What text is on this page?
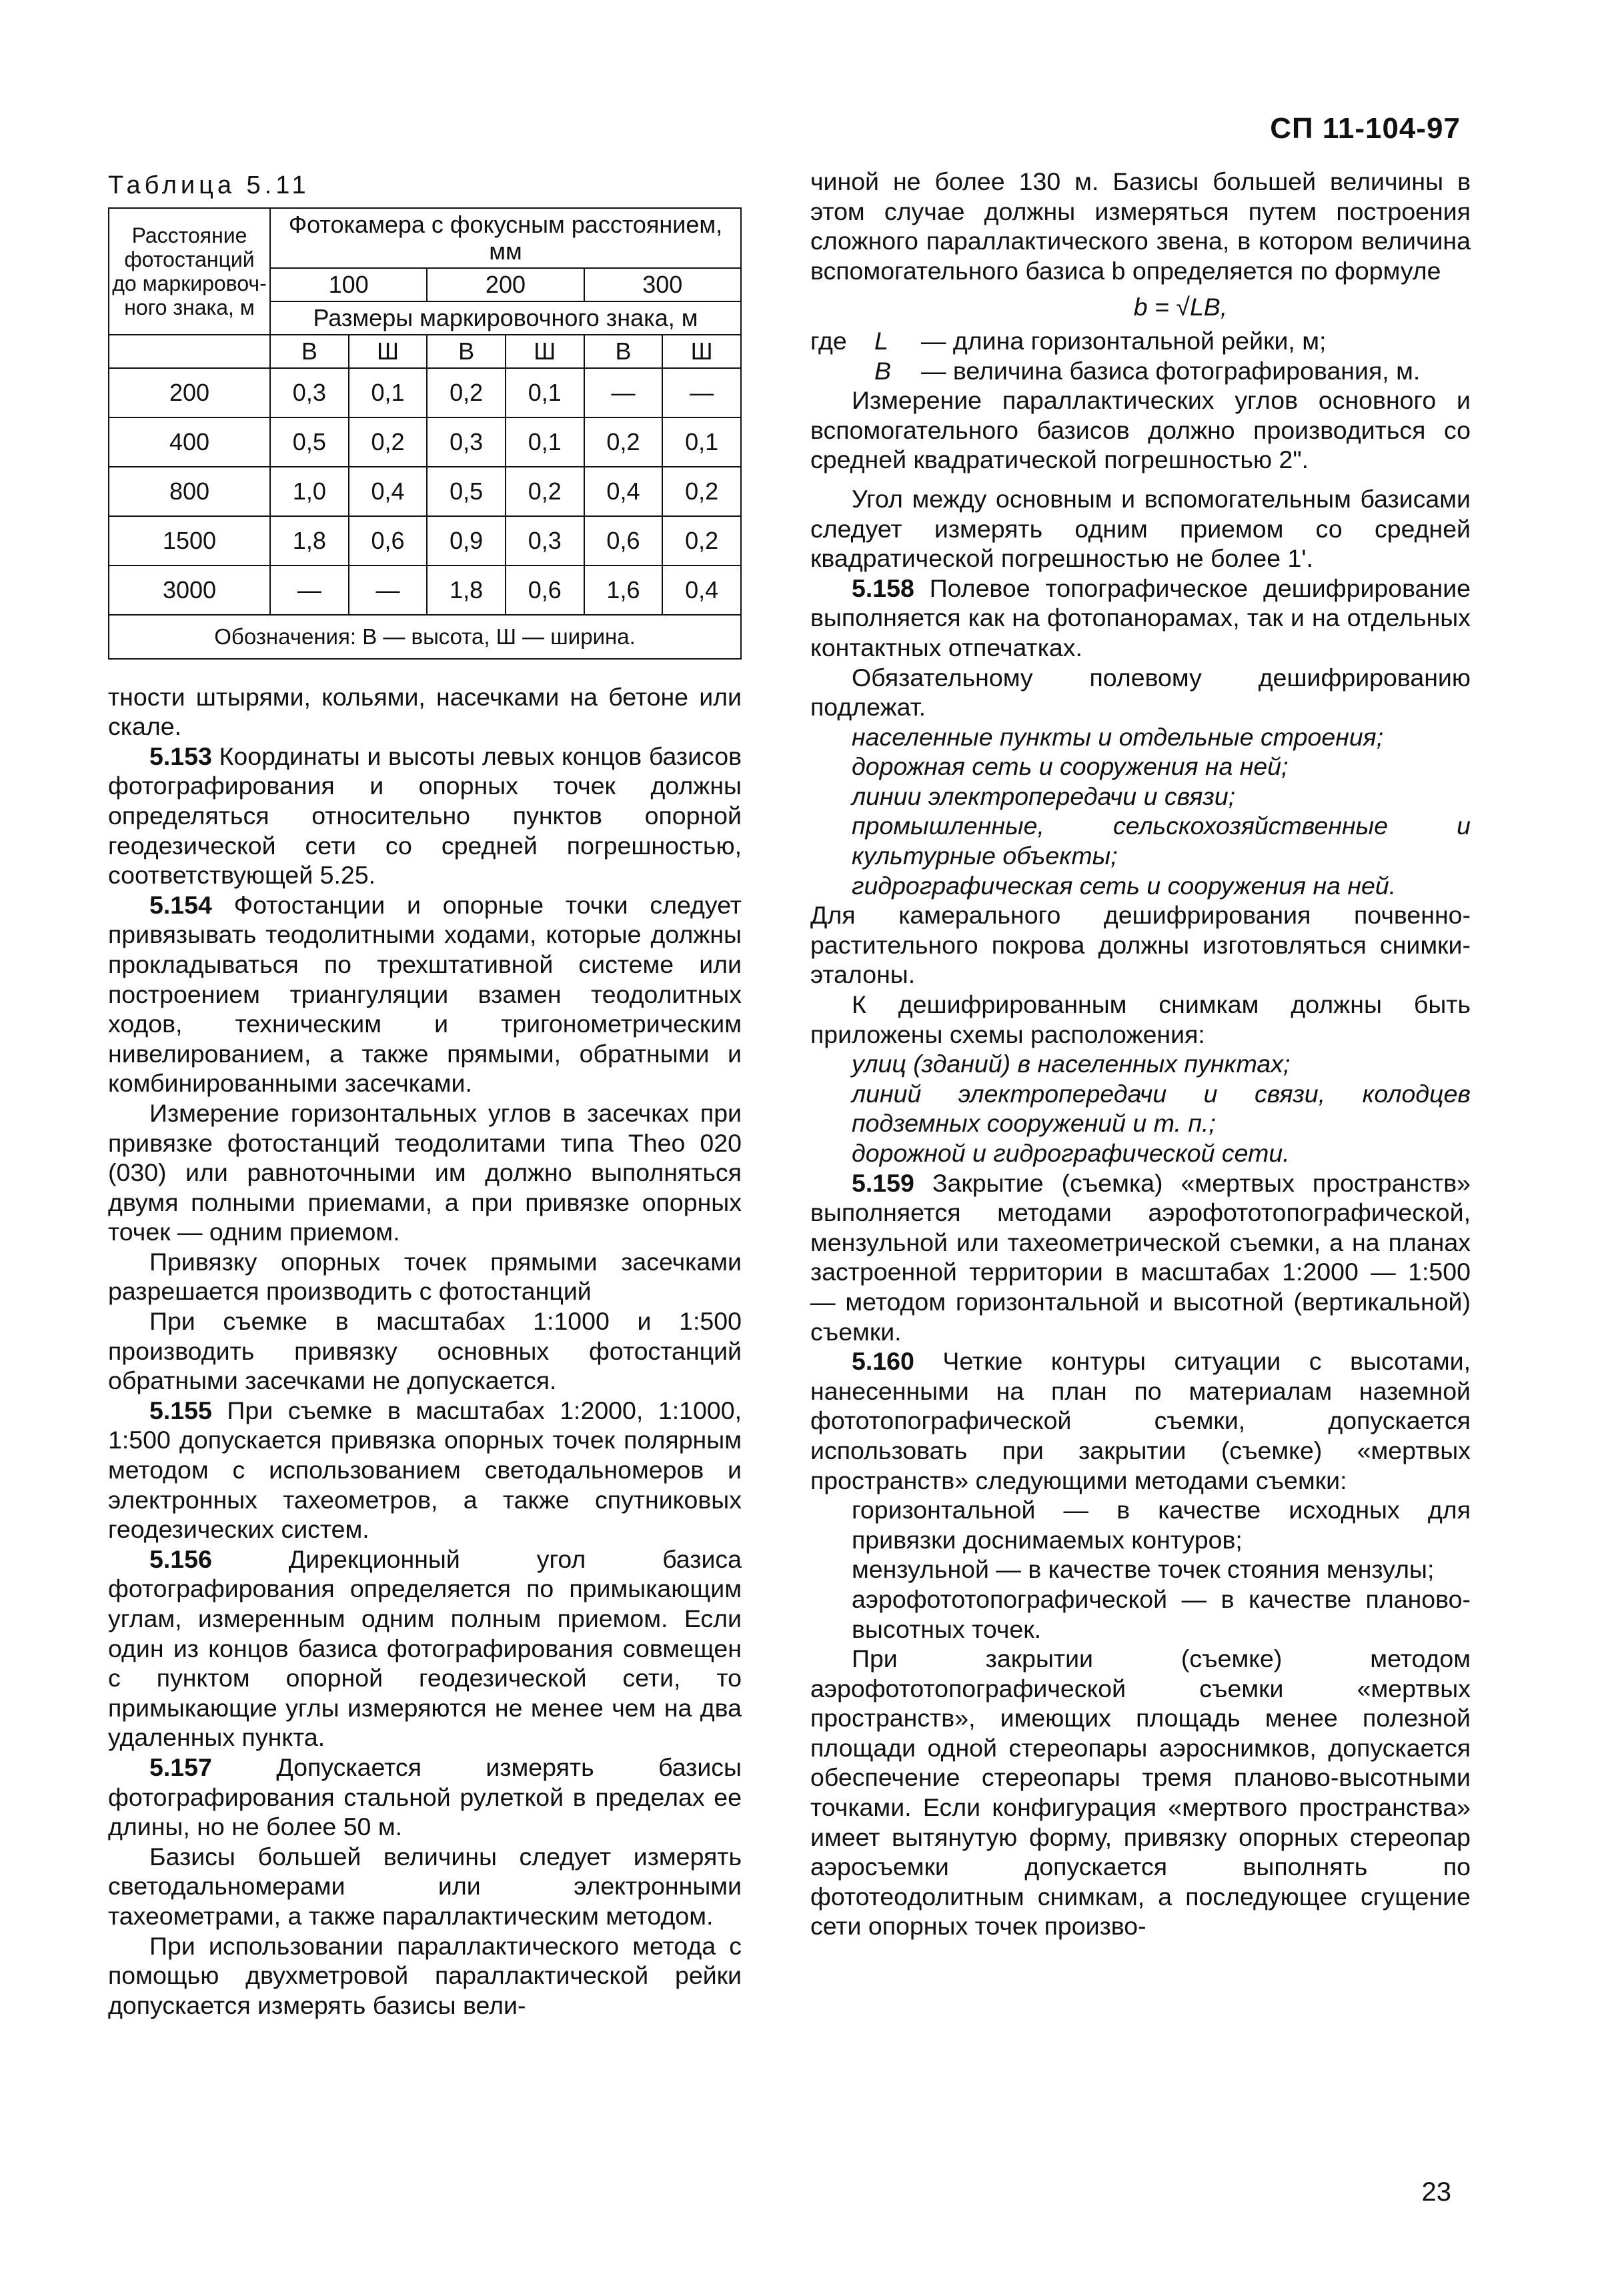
СП 11-104-97
Таблица 5.11
Расстояние фотостанций до маркировочного знака, м	Фотокамера с фокусным расстоянием, мм					
	100		200		300	
	Размеры маркировочного знака, м					
	В	Ш	В	Ш	В	Ш
200	0,3	0,1	0,2	0,1	—	—
400	0,5	0,2	0,3	0,1	0,2	0,1
800	1,0	0,4	0,5	0,2	0,4	0,2
1500	1,8	0,6	0,9	0,3	0,6	0,2
3000	—	—	1,8	0,6	1,6	0,4
Обозначения: В — высота, Ш — ширина.						

тности штырями, кольями, насечками на бетоне или скале.

5.153 Координаты и высоты левых концов базисов фотографирования и опорных точек должны определяться относительно пунктов опорной геодезической сети со средней погрешностью, соответствующей 5.25.

5.154 Фотостанции и опорные точки следует привязывать теодолитными ходами, которые должны прокладываться по трехштативной системе или построением триангуляции взамен теодолитных ходов, техническим и тригонометрическим нивелированием, а также прямыми, обратными и комбинированными засечками.

Измерение горизонтальных углов в засечках при привязке фотостанций теодолитами типа Theo 020 (030) или равноточными им должно выполняться двумя полными приемами, а при привязке опорных точек — одним приемом.

Привязку опорных точек прямыми засечками разрешается производить с фотостанций

При съемке в масштабах 1:1000 и 1:500 производить привязку основных фотостанций обратными засечками не допускается.

5.155 При съемке в масштабах 1:2000, 1:1000, 1:500 допускается привязка опорных точек полярным методом с использованием светодальномеров и электронных тахеометров, а также спутниковых геодезических систем.

5.156 Дирекционный угол базиса фотографирования определяется по примыкающим углам, измеренным одним полным приемом. Если один из концов базиса фотографирования совмещен с пунктом опорной геодезической сети, то примыкающие углы измеряются не менее чем на два удаленных пункта.

5.157 Допускается измерять базисы фотографирования стальной рулеткой в пределах ее длины, но не более 50 м.

Базисы большей величины следует измерять светодальномерами или электронными тахеометрами, а также параллактическим методом.

При использовании параллактического метода с помощью двухметровой параллактической рейки допускается измерять базисы вели-

чиной не более 130 м. Базисы большей величины в этом случае должны измеряться путем построения сложного параллактического звена, в котором величина вспомогательного базиса b определяется по формуле

b = √LB,
где	L	— длина горизонтальной рейки, м;
B	— величина базиса фотографирования, м.

Измерение параллактических углов основного и вспомогательного базисов должно производиться со средней квадратической погрешностью 2".

Угол между основным и вспомогательным базисами следует измерять одним приемом со средней квадратической погрешностью не более 1'.

5.158 Полевое топографическое дешифрирование выполняется как на фотопанорамах, так и на отдельных контактных отпечатках.

Обязательному полевому дешифрированию подлежат.

населенные пункты и отдельные строения;

дорожная сеть и сооружения на ней;

линии электропередачи и связи;

промышленные, сельскохозяйственные и культурные объекты;

гидрографическая сеть и сооружения на ней.

Для камерального дешифрирования почвенно-растительного покрова должны изготовляться снимки-эталоны.

К дешифрированным снимкам должны быть приложены схемы расположения:

улиц (зданий) в населенных пунктах;

линий электропередачи и связи, колодцев подземных сооружений и т. п.;

дорожной и гидрографической сети.

5.159 Закрытие (съемка) «мертвых пространств» выполняется методами аэрофототопографической, мензульной или тахеометрической съемки, а на планах застроенной территории в масштабах 1:2000 — 1:500 — методом горизонтальной и высотной (вертикальной) съемки.

5.160 Четкие контуры ситуации с высотами, нанесенными на план по материалам наземной фототопографической съемки, допускается использовать при закрытии (съемке) «мертвых пространств» следующими методами съемки:

горизонтальной — в качестве исходных для привязки доснимаемых контуров;

мензульной — в качестве точек стояния мензулы;

аэрофототопографической — в качестве планово-высотных точек.

При закрытии (съемке) методом аэрофототопографической съемки «мертвых пространств», имеющих площадь менее полезной площади одной стереопары аэроснимков, допускается обеспечение стереопары тремя планово-высотными точками. Если конфигурация «мертвого пространства» имеет вытянутую форму, привязку опорных стереопар аэросъемки допускается выполнять по фототеодолитным снимкам, а последующее сгущение сети опорных точек произво-

23
